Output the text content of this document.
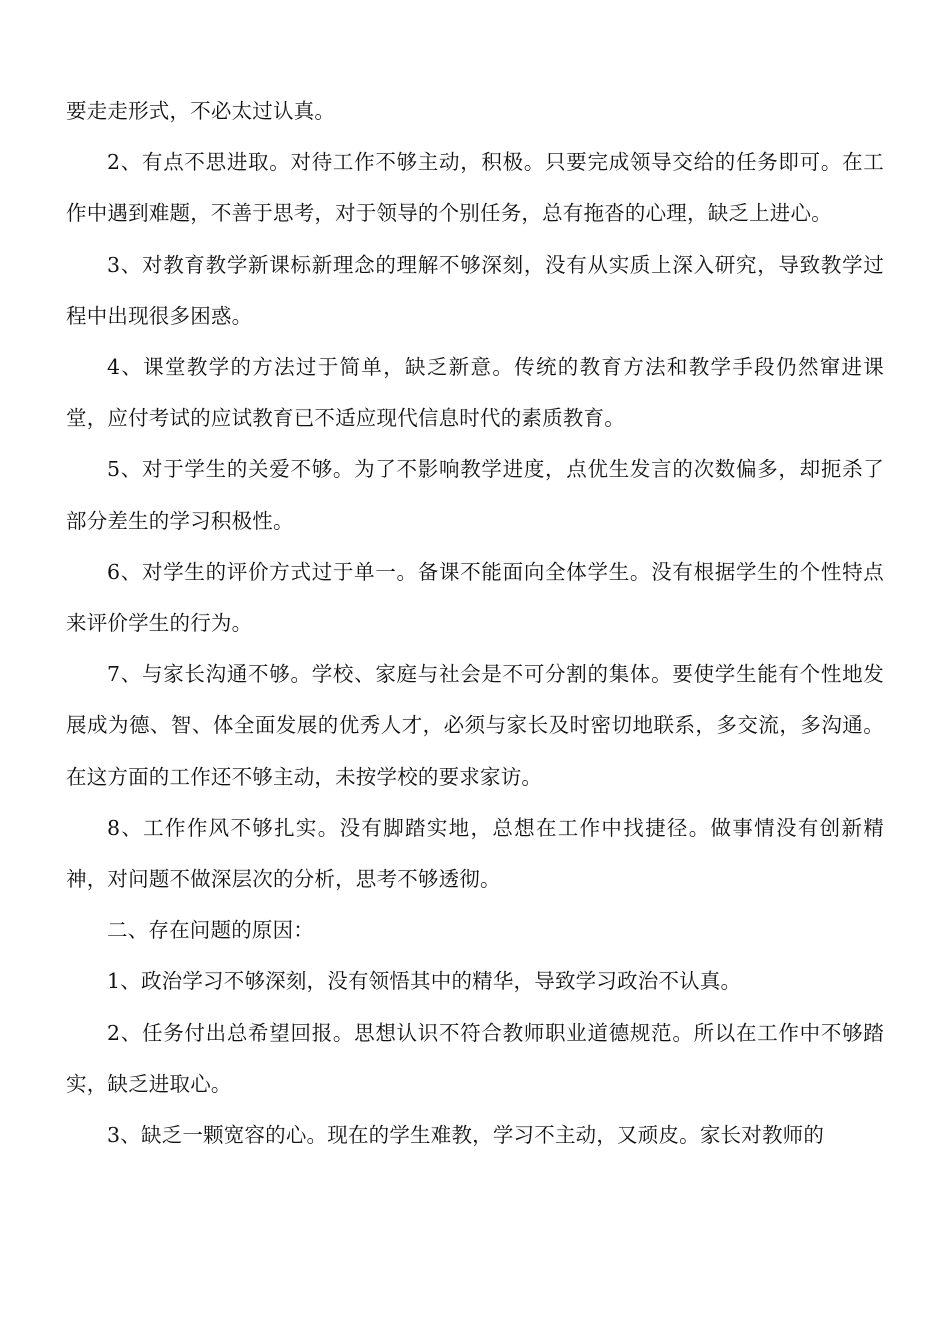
要走走形式，不必太过认真。

2、有点不思进取。对待工作不够主动，积极。只要完成领导交给的任务即可。在工作中遇到难题，不善于思考，对于领导的个别任务，总有拖沓的心理，缺乏上进心。

3、对教育教学新课标新理念的理解不够深刻，没有从实质上深入研究，导致教学过程中出现很多困惑。

4、课堂教学的方法过于简单，缺乏新意。传统的教育方法和教学手段仍然窜进课堂，应付考试的应试教育已不适应现代信息时代的素质教育。

5、对于学生的关爱不够。为了不影响教学进度，点优生发言的次数偏多，却扼杀了部分差生的学习积极性。

6、对学生的评价方式过于单一。备课不能面向全体学生。没有根据学生的个性特点来评价学生的行为。

7、与家长沟通不够。学校、家庭与社会是不可分割的集体。要使学生能有个性地发展成为德、智、体全面发展的优秀人才，必须与家长及时密切地联系，多交流，多沟通。在这方面的工作还不够主动，未按学校的要求家访。

8、工作作风不够扎实。没有脚踏实地，总想在工作中找捷径。做事情没有创新精神，对问题不做深层次的分析，思考不够透彻。

二、存在问题的原因：

1、政治学习不够深刻，没有领悟其中的精华，导致学习政治不认真。

2、任务付出总希望回报。思想认识不符合教师职业道德规范。所以在工作中不够踏实，缺乏进取心。

3、缺乏一颗宽容的心。现在的学生难教，学习不主动，又顽皮。家长对教师的
